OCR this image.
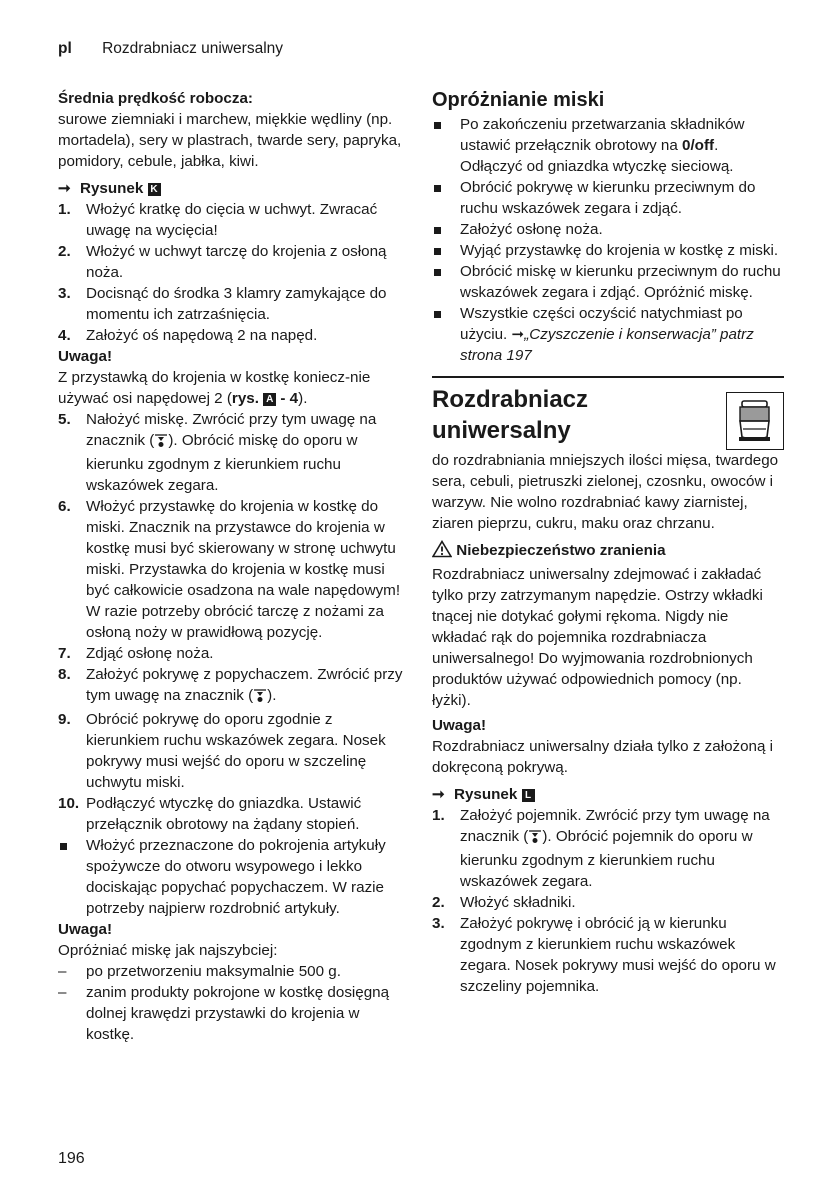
pl Rozdrabniacz uniwersalny

Średnia prędkość robocza:

surowe ziemniaki i marchew, miękkie wędliny (np. mortadela), sery w plastrach, twarde sery, papryka, pomidory, cebule, jabłka, kiwi.

➞ Rysunek K

1. Włożyć kratkę do cięcia w uchwyt. Zwracać uwagę na wycięcia!
2. Włożyć w uchwyt tarczę do krojenia z osłoną noża.
3. Docisnąć do środka 3 klamry zamykające do momentu ich zatrzaśnięcia.
4. Założyć oś napędową 2 na napęd.

Uwaga!

Z przystawką do krojenia w kostkę koniecz-nie używać osi napędowej 2 (rys. A - 4).

5. Nałożyć miskę. Zwrócić przy tym uwagę na znacznik ( ). Obrócić miskę do oporu w kierunku zgodnym z kierunkiem ruchu wskazówek zegara.
6. Włożyć przystawkę do krojenia w kostkę do miski. Znacznik na przystawce do krojenia w kostkę musi być skierowany w stronę uchwytu miski. Przystawka do krojenia w kostkę musi być całkowicie osadzona na wale napędowym! W razie potrzeby obrócić tarczę z nożami za osłoną noży w prawidłową pozycję.
7. Zdjąć osłonę noża.
8. Założyć pokrywę z popychaczem. Zwrócić przy tym uwagę na znacznik ( ).
9. Obrócić pokrywę do oporu zgodnie z kierunkiem ruchu wskazówek zegara. Nosek pokrywy musi wejść do oporu w szczelinę uchwytu miski.
10. Podłączyć wtyczkę do gniazdka. Ustawić przełącznik obrotowy na żądany stopień.
Włożyć przeznaczone do pokrojenia artykuły spożywcze do otworu wsypowego i lekko dociskając popychać popychaczem. W razie potrzeby najpierw rozdrobnić artykuły.

Uwaga!

Opróżniać miskę jak najszybciej:

– po przetworzeniu maksymalnie 500 g.
– zanim produkty pokrojone w kostkę dosięgną dolnej krawędzi przystawki do krojenia w kostkę.

Opróżnianie miski

Po zakończeniu przetwarzania składników ustawić przełącznik obrotowy na 0/off. Odłączyć od gniazdka wtyczkę sieciową.
Obrócić pokrywę w kierunku przeciwnym do ruchu wskazówek zegara i zdjąć.
Założyć osłonę noża.
Wyjąć przystawkę do krojenia w kostkę z miski.
Obrócić miskę w kierunku przeciwnym do ruchu wskazówek zegara i zdjąć. Opróżnić miskę.
Wszystkie części oczyścić natychmiast po użyciu. ➞„Czyszczenie i konserwacja” patrz strona 197
Rozdrabniacz
uniwersalny

do rozdrabniania mniejszych ilości mięsa, twardego sera, cebuli, pietruszki zielonej, czosnku, owoców i warzyw. Nie wolno rozdrabniać kawy ziarnistej, ziaren pieprzu, cukru, maku oraz chrzanu.

Niebezpieczeństwo zranienia

Rozdrabniacz uniwersalny zdejmować i zakładać tylko przy zatrzymanym napędzie. Ostrzy wkładki tnącej nie dotykać gołymi rękoma. Nigdy nie wkładać rąk do pojemnika rozdrabniacza uniwersalnego! Do wyjmowania rozdrobnionych produktów używać odpowiednich pomocy (np. łyżki).

Uwaga!

Rozdrabniacz uniwersalny działa tylko z założoną i dokręconą pokrywą.

➞ Rysunek L

1. Założyć pojemnik. Zwrócić przy tym uwagę na znacznik ( ). Obrócić pojemnik do oporu w kierunku zgodnym z kierunkiem ruchu wskazówek zegara.
2. Włożyć składniki.
3. Założyć pokrywę i obrócić ją w kierunku zgodnym z kierunkiem ruchu wskazówek zegara. Nosek pokrywy musi wejść do oporu w szczeliny pojemnika.
196
